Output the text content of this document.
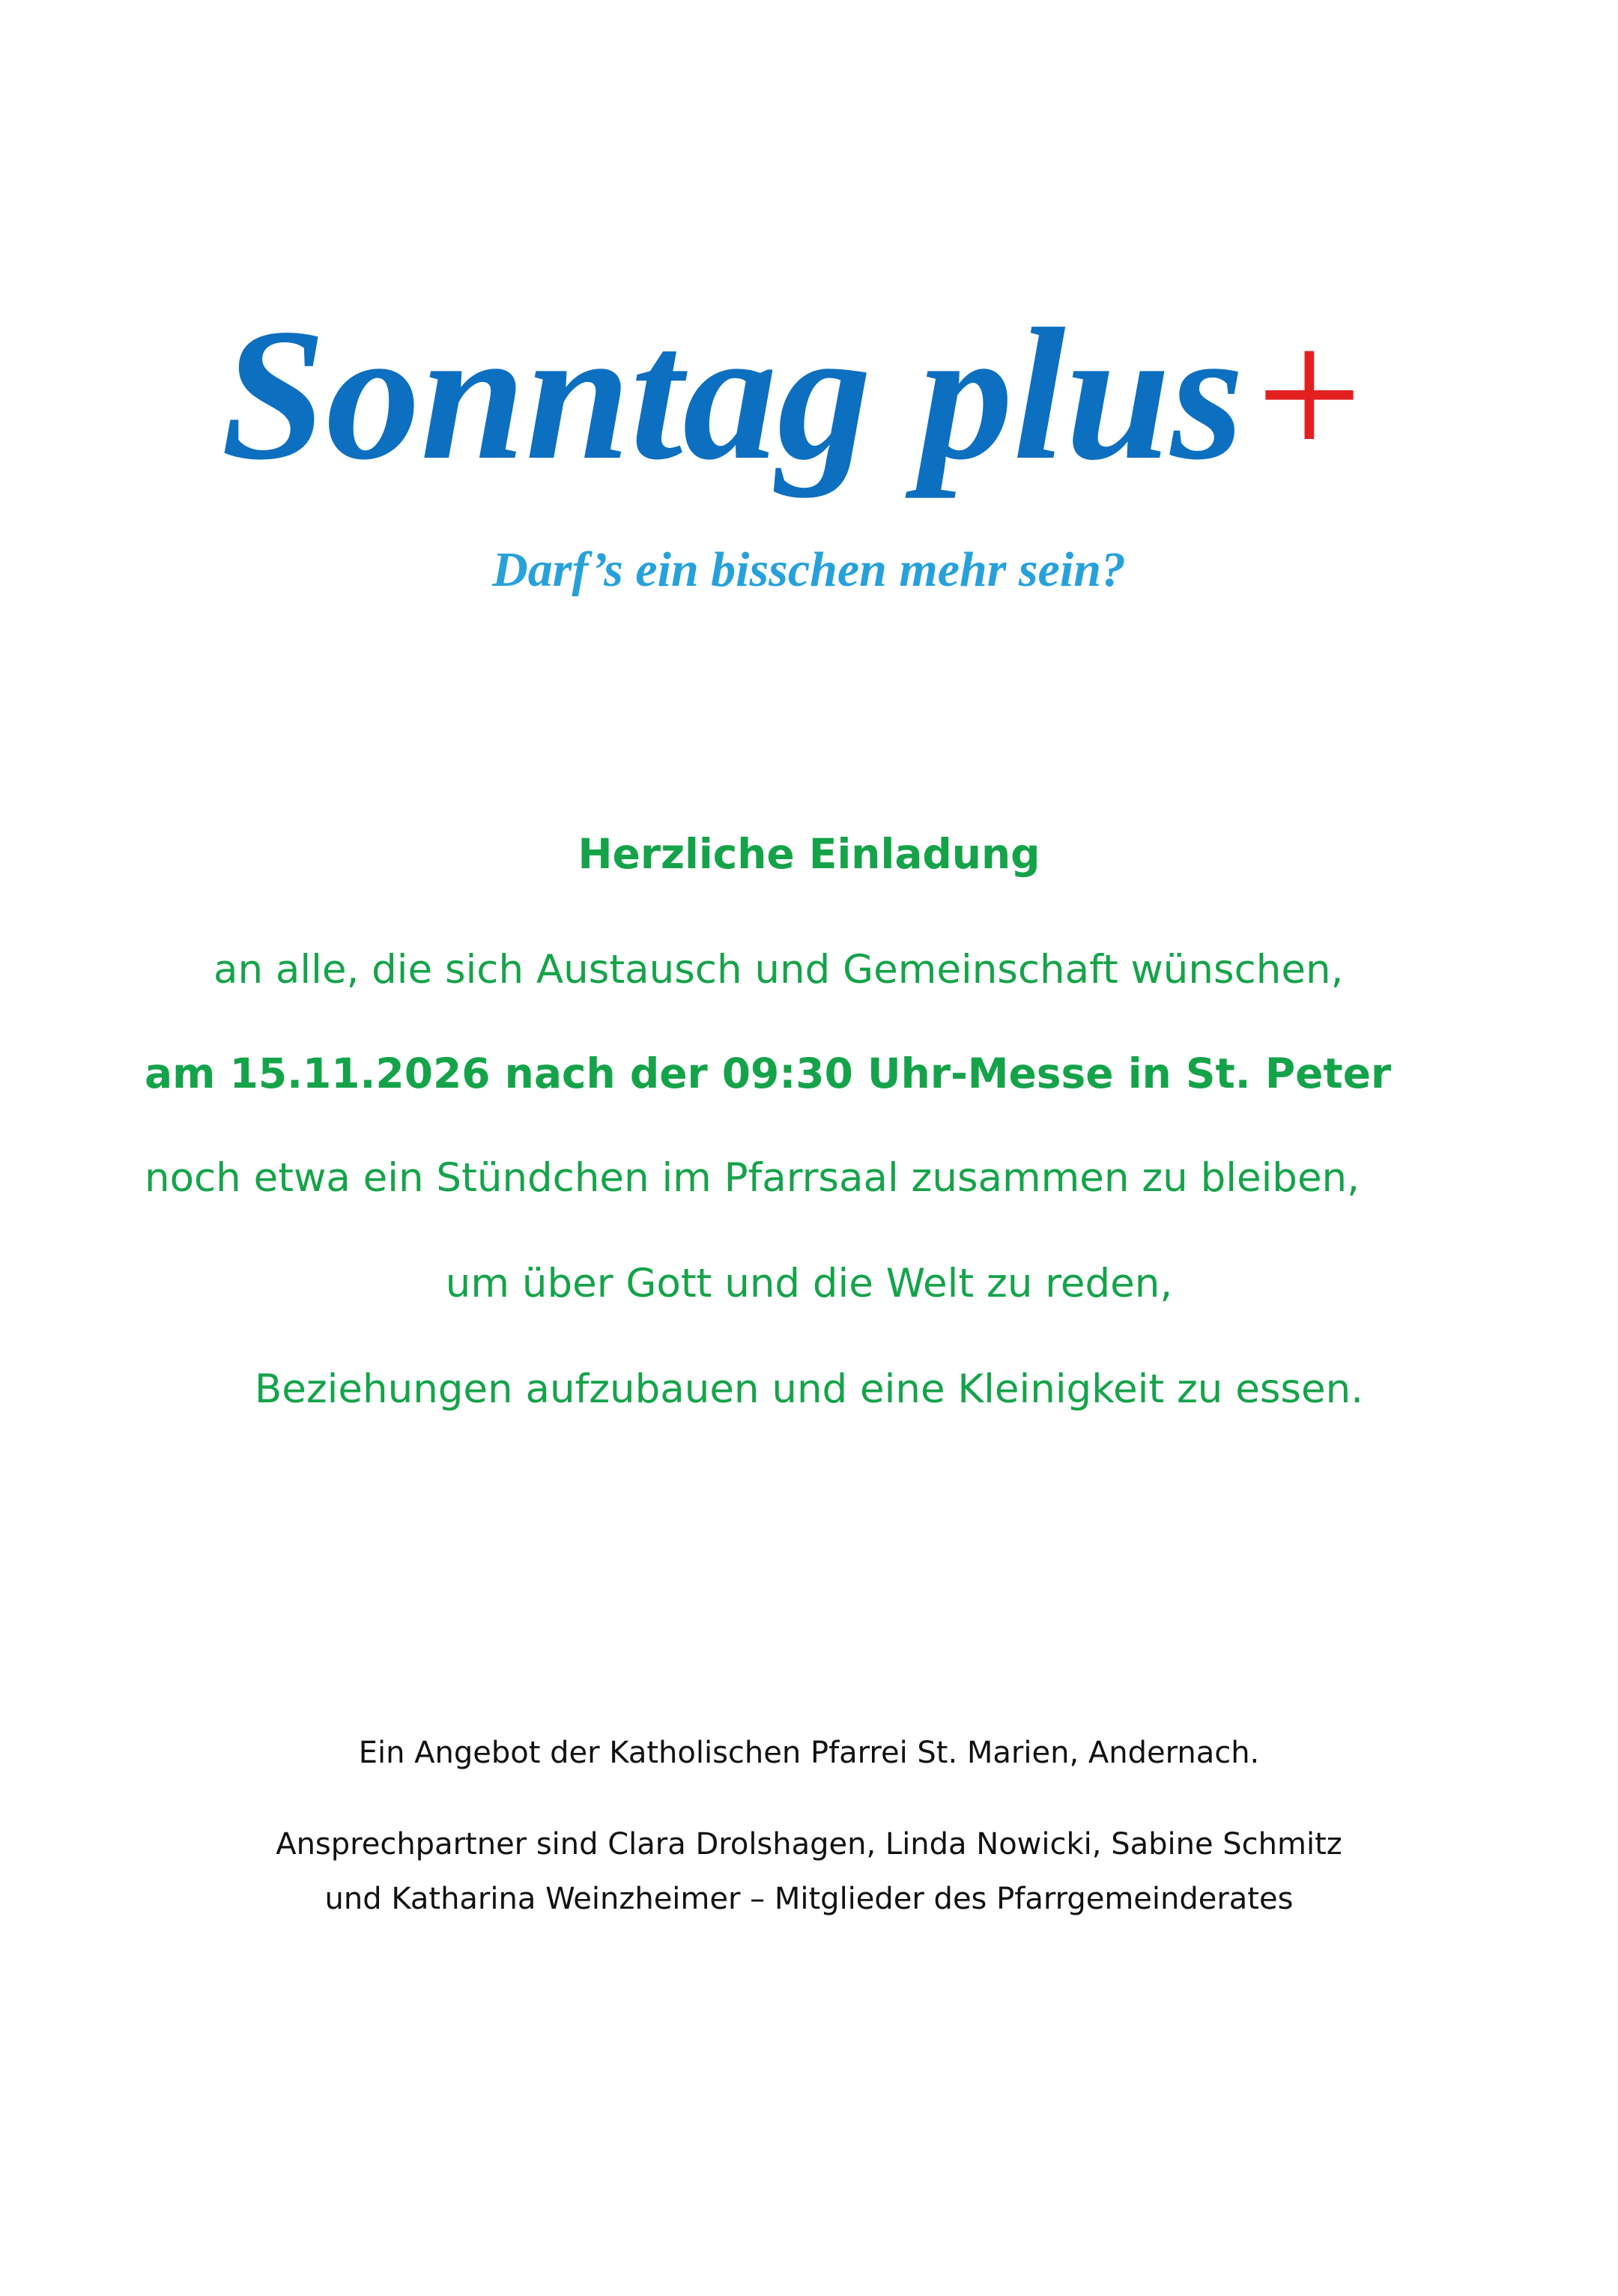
Sonntag plus+
Darf’s ein bisschen mehr sein?
Herzliche Einladung
an alle, die sich Austausch und Gemeinschaft wünschen,
am 15.11.2026 nach der 09:30 Uhr-Messe in St. Peter
noch etwa ein Stündchen im Pfarrsaal zusammen zu bleiben,
um über Gott und die Welt zu reden,
Beziehungen aufzubauen und eine Kleinigkeit zu essen.
Ein Angebot der Katholischen Pfarrei St. Marien, Andernach.
Ansprechpartner sind Clara Drolshagen, Linda Nowicki, Sabine Schmitz
und Katharina Weinzheimer – Mitglieder des Pfarrgemeinderates
